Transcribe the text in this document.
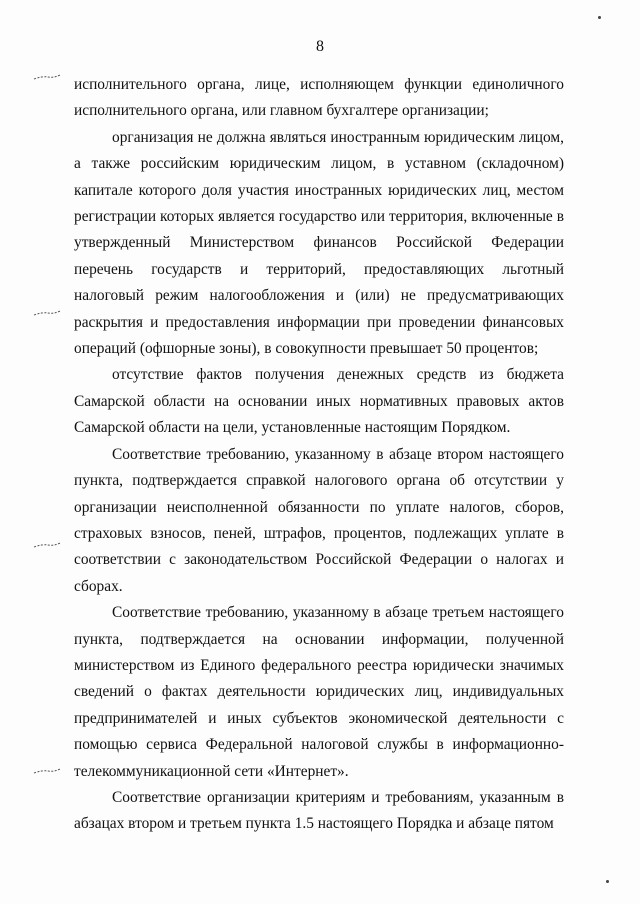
8

исполнительного органа, лице, исполняющем функции единоличного исполнительного органа, или главном бухгалтере организации;

организация не должна являться иностранным юридическим лицом, а также российским юридическим лицом, в уставном (складочном) капитале которого доля участия иностранных юридических лиц, местом регистрации которых является государство или территория, включенные в утвержденный Министерством финансов Российской Федерации перечень государств и территорий, предоставляющих льготный налоговый режим налогообложения и (или) не предусматривающих раскрытия и предоставления информации при проведении финансовых операций (офшорные зоны), в совокупности превышает 50 процентов;

отсутствие фактов получения денежных средств из бюджета Самарской области на основании иных нормативных правовых актов Самарской области на цели, установленные настоящим Порядком.

Соответствие требованию, указанному в абзаце втором настоящего пункта, подтверждается справкой налогового органа об отсутствии у организации неисполненной обязанности по уплате налогов, сборов, страховых взносов, пеней, штрафов, процентов, подлежащих уплате в соответствии с законодательством Российской Федерации о налогах и сборах.

Соответствие требованию, указанному в абзаце третьем настоящего пункта, подтверждается на основании информации, полученной министерством из Единого федерального реестра юридически значимых сведений о фактах деятельности юридических лиц, индивидуальных предпринимателей и иных субъектов экономической деятельности с помощью сервиса Федеральной налоговой службы в информационно-телекоммуникационной сети «Интернет».

Соответствие организации критериям и требованиям, указанным в абзацах втором и третьем пункта 1.5 настоящего Порядка и абзаце пятом
